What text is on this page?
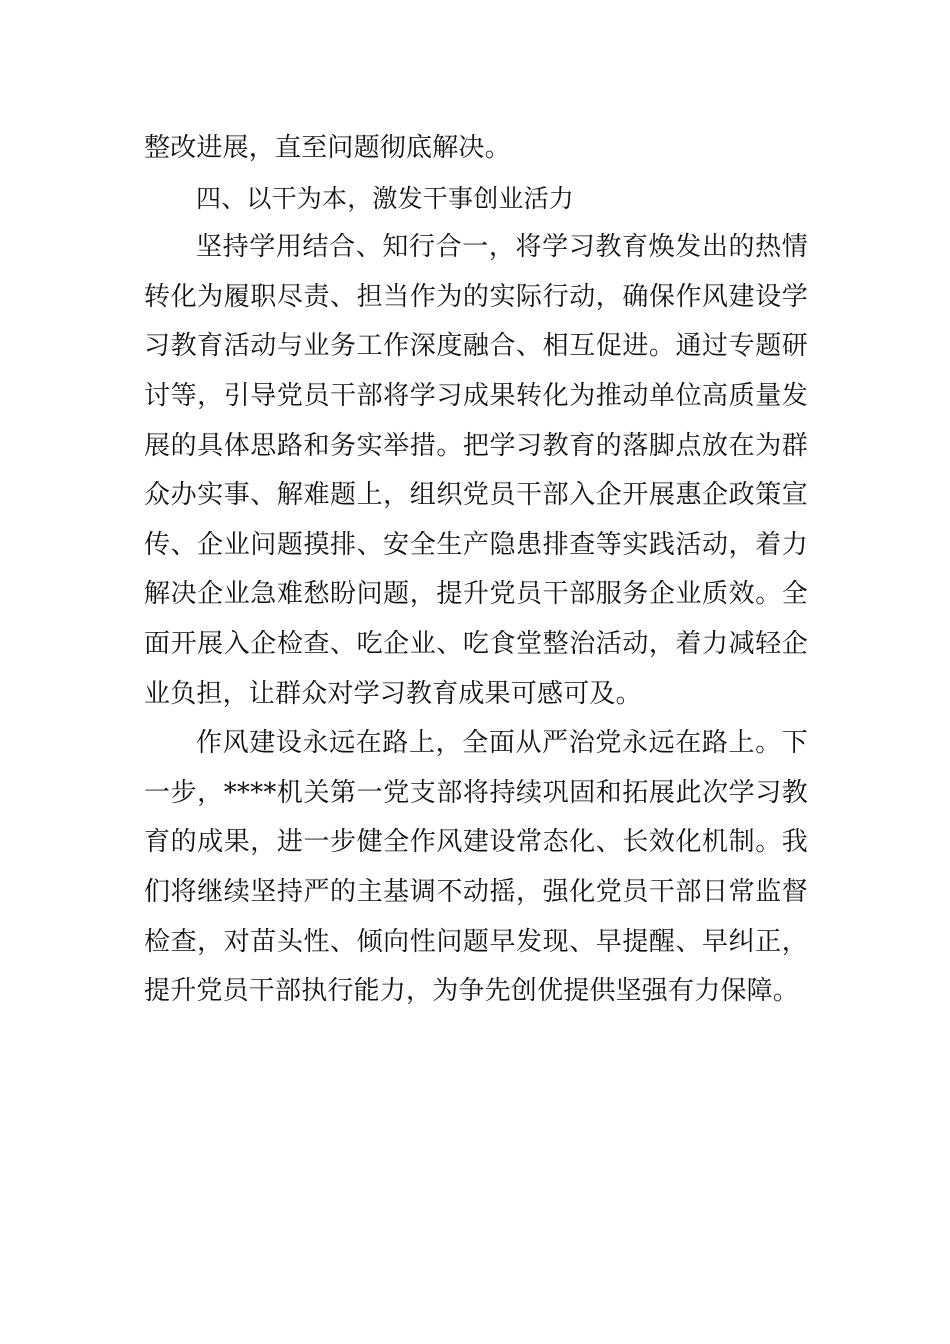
整改进展，直至问题彻底解决。

四、以干为本，激发干事创业活力

坚持学用结合、知行合一，将学习教育焕发出的热情转化为履职尽责、担当作为的实际行动，确保作风建设学习教育活动与业务工作深度融合、相互促进。通过专题研讨等，引导党员干部将学习成果转化为推动单位高质量发展的具体思路和务实举措。把学习教育的落脚点放在为群众办实事、解难题上，组织党员干部入企开展惠企政策宣传、企业问题摸排、安全生产隐患排查等实践活动，着力解决企业急难愁盼问题，提升党员干部服务企业质效。全面开展入企检查、吃企业、吃食堂整治活动，着力减轻企业负担，让群众对学习教育成果可感可及。

作风建设永远在路上，全面从严治党永远在路上。下一步，****机关第一党支部将持续巩固和拓展此次学习教育的成果，进一步健全作风建设常态化、长效化机制。我们将继续坚持严的主基调不动摇，强化党员干部日常监督检查，对苗头性、倾向性问题早发现、早提醒、早纠正，提升党员干部执行能力，为争先创优提供坚强有力保障。
